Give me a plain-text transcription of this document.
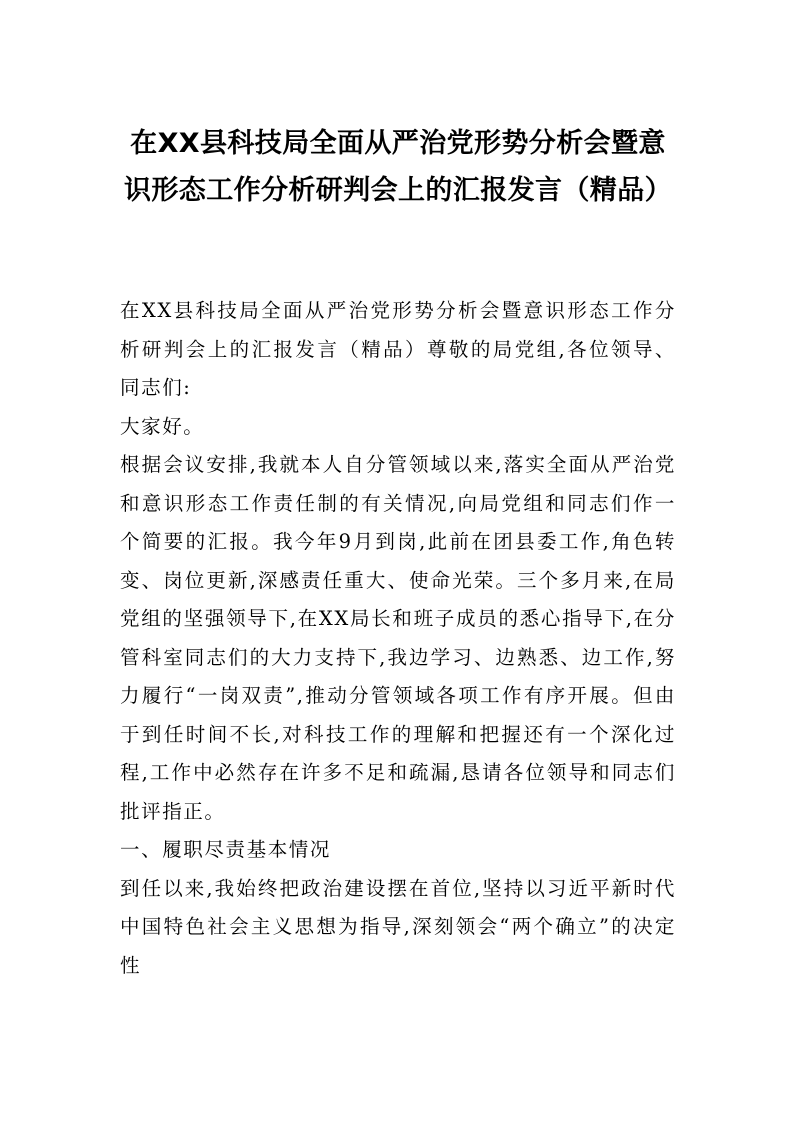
在XX县科技局全面从严治党形势分析会暨意识形态工作分析研判会上的汇报发言（精品）

在XX县科技局全面从严治党形势分析会暨意识形态工作分析研判会上的汇报发言（精品）尊敬的局党组,各位领导、同志们:

大家好。

根据会议安排,我就本人自分管领域以来,落实全面从严治党和意识形态工作责任制的有关情况,向局党组和同志们作一个简要的汇报。我今年9月到岗,此前在团县委工作,角色转变、岗位更新,深感责任重大、使命光荣。三个多月来,在局党组的坚强领导下,在XX局长和班子成员的悉心指导下,在分管科室同志们的大力支持下,我边学习、边熟悉、边工作,努力履行“一岗双责”,推动分管领域各项工作有序开展。但由于到任时间不长,对科技工作的理解和把握还有一个深化过程,工作中必然存在许多不足和疏漏,恳请各位领导和同志们批评指正。

一、履职尽责基本情况

到任以来,我始终把政治建设摆在首位,坚持以习近平新时代中国特色社会主义思想为指导,深刻领会“两个确立”的决定性
